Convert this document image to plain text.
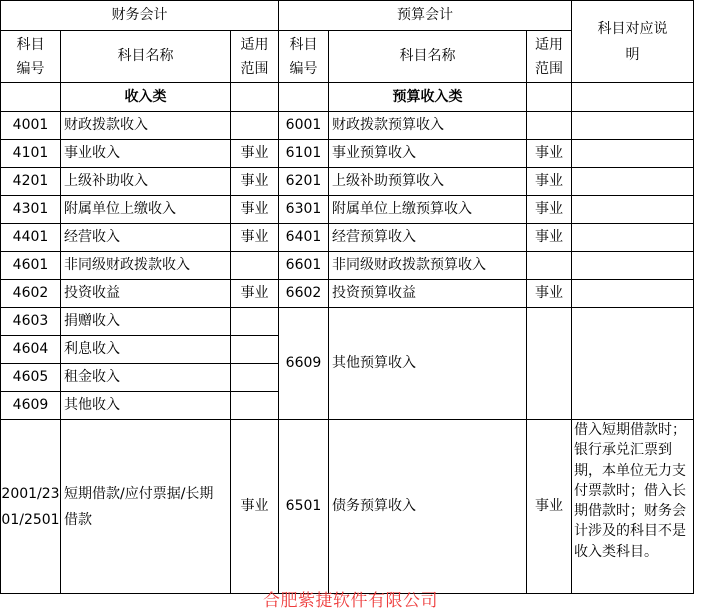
财务会计			预算会计			科目对应说明
科目编号	科目名称	适用范围	科目编号	科目名称	适用范围	
	收入类			预算收入类		
4001	财政拨款收入		6001	财政拨款预算收入		
4101	事业收入	事业	6101	事业预算收入	事业	
4201	上级补助收入	事业	6201	上级补助预算收入	事业	
4301	附属单位上缴收入	事业	6301	附属单位上缴预算收入	事业	
4401	经营收入	事业	6401	经营预算收入	事业	
4601	非同级财政拨款收入		6601	非同级财政拨款预算收入		
4602	投资收益	事业	6602	投资预算收益	事业	
4603	捐赠收入		6609	其他预算收入		
4604	利息收入					
4605	租金收入					
4609	其他收入					
2001/2301/2501	短期借款/应付票据/长期借款	事业	6501	债务预算收入	事业	借入短期借款时；银行承兑汇票到期，本单位无力支付票款时；借入长期借款时；财务会计涉及的科目不是收入类科目。
合肥紫捷软件有限公司
